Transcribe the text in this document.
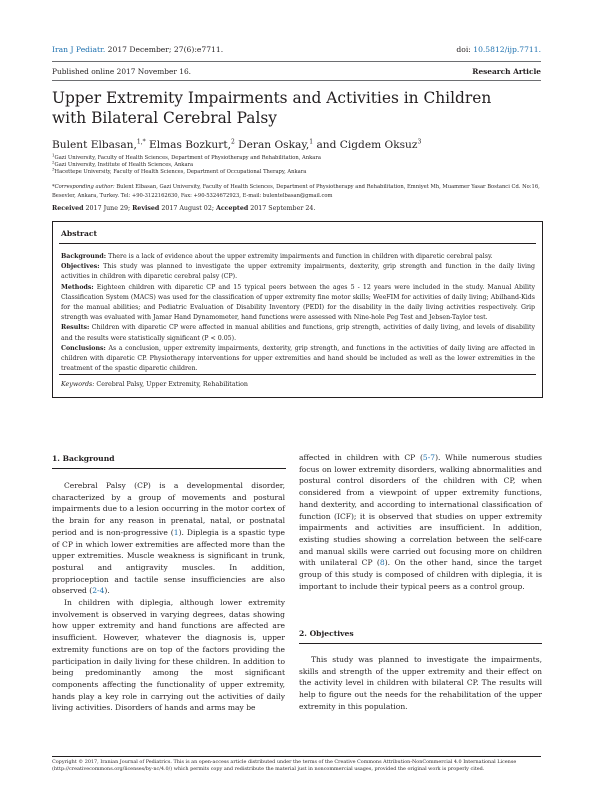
Iran J Pediatr. 2017 December; 27(6):e7711.	doi: 10.5812/ijp.7711.
Published online 2017 November 16.	Research Article
Upper Extremity Impairments and Activities in Children with Bilateral Cerebral Palsy
Bulent Elbasan,$^{1,*}$ Elmas Bozkurt,$^2$ Deran Oskay,$^1$ and Cigdem Oksuz$^3$
$^1$Gazi University, Faculty of Health Sciences, Department of Physiotherapy and Rehabilitation, Ankara
$^2$Gazi University, Institute of Health Sciences, Ankara
$^3$Hacettepe University, Faculty of Health Sciences, Department of Occupational Therapy, Ankara
*Corresponding author: Bulent Elbasan, Gazi University, Faculty of Health Sciences, Department of Physiotherapy and Rehabilitation, Emniyet Mh, Muammer Yasar Bostanci Cd. No:16, Besevler, Ankara, Turkey. Tel: +90-3122162630, Fax: +90-5324672923, E-mail: bulentelbasan@gmail.com
Received 2017 June 29; Revised 2017 August 02; Accepted 2017 September 24.
Abstract

Background: There is a lack of evidence about the upper extremity impairments and function in children with diparetic cerebral palsy.

Objectives: This study was planned to investigate the upper extremity impairments, dexterity, grip strength and function in the daily living activities in children with diparetic cerebral palsy (CP).

Methods: Eighteen children with diparetic CP and 15 typical peers between the ages 5 - 12 years were included in the study. Manual Ability Classification System (MACS) was used for the classification of upper extremity fine motor skills; WeeFIM for activities of daily living; Abilhand-Kids for the manual abilities; and Pediatric Evaluation of Disability Inventory (PEDI) for the disability in the daily living activities respectively. Grip strength was evaluated with Jamar Hand Dynamometer, hand functions were assessed with Nine-hole Peg Test and Jebsen-Taylor test.

Results: Children with diparetic CP were affected in manual abilities and functions, grip strength, activities of daily living, and levels of disability and the results were statistically significant (P < 0.05).

Conclusions: As a conclusion, upper extremity impairments, dexterity, grip strength, and functions in the activities of daily living are affected in children with diparetic CP. Physiotherapy interventions for upper extremities and hand should be included as well as the lower extremities in the treatment of the spastic diparetic children.

Keywords: Cerebral Palsy, Upper Extremity, Rehabilitation
1. Background

Cerebral Palsy (CP) is a developmental disorder, characterized by a group of movements and postural impairments due to a lesion occurring in the motor cortex of the brain for any reason in prenatal, natal, or postnatal period and is non-progressive (1). Diplegia is a spastic type of CP in which lower extremities are affected more than the upper extremities. Muscle weakness is significant in trunk, postural and antigravity muscles. In addition, proprioception and tactile sense insufficiencies are also observed (2-4).

In children with diplegia, although lower extremity involvement is observed in varying degrees, datas showing how upper extremity and hand functions are affected are insufficient. However, whatever the diagnosis is, upper extremity functions are on top of the factors providing the participation in daily living for these children. In addition to being predominantly among the most significant components affecting the functionality of upper extremity, hands play a key role in carrying out the activities of daily living activities. Disorders of hands and arms may be

affected in children with CP (5-7). While numerous studies focus on lower extremity disorders, walking abnormalities and postural control disorders of the children with CP, when considered from a viewpoint of upper extremity functions, hand dexterity, and according to international classification of function (ICF); it is observed that studies on upper extremity impairments and activities are insufficient. In addition, existing studies showing a correlation between the self-care and manual skills were carried out focusing more on children with unilateral CP (8). On the other hand, since the target group of this study is composed of children with diplegia, it is important to include their typical peers as a control group.

2. Objectives

This study was planned to investigate the impairments, skills and strength of the upper extremity and their effect on the activity level in children with bilateral CP. The results will help to figure out the needs for the rehabilitation of the upper extremity in this population.

Copyright © 2017, Iranian Journal of Pediatrics. This is an open-access article distributed under the terms of the Creative Commons Attribution-NonCommercial 4.0 International License (http://creativecommons.org/licenses/by-nc/4.0/) which permits copy and redistribute the material just in noncommercial usages, provided the original work is properly cited.
